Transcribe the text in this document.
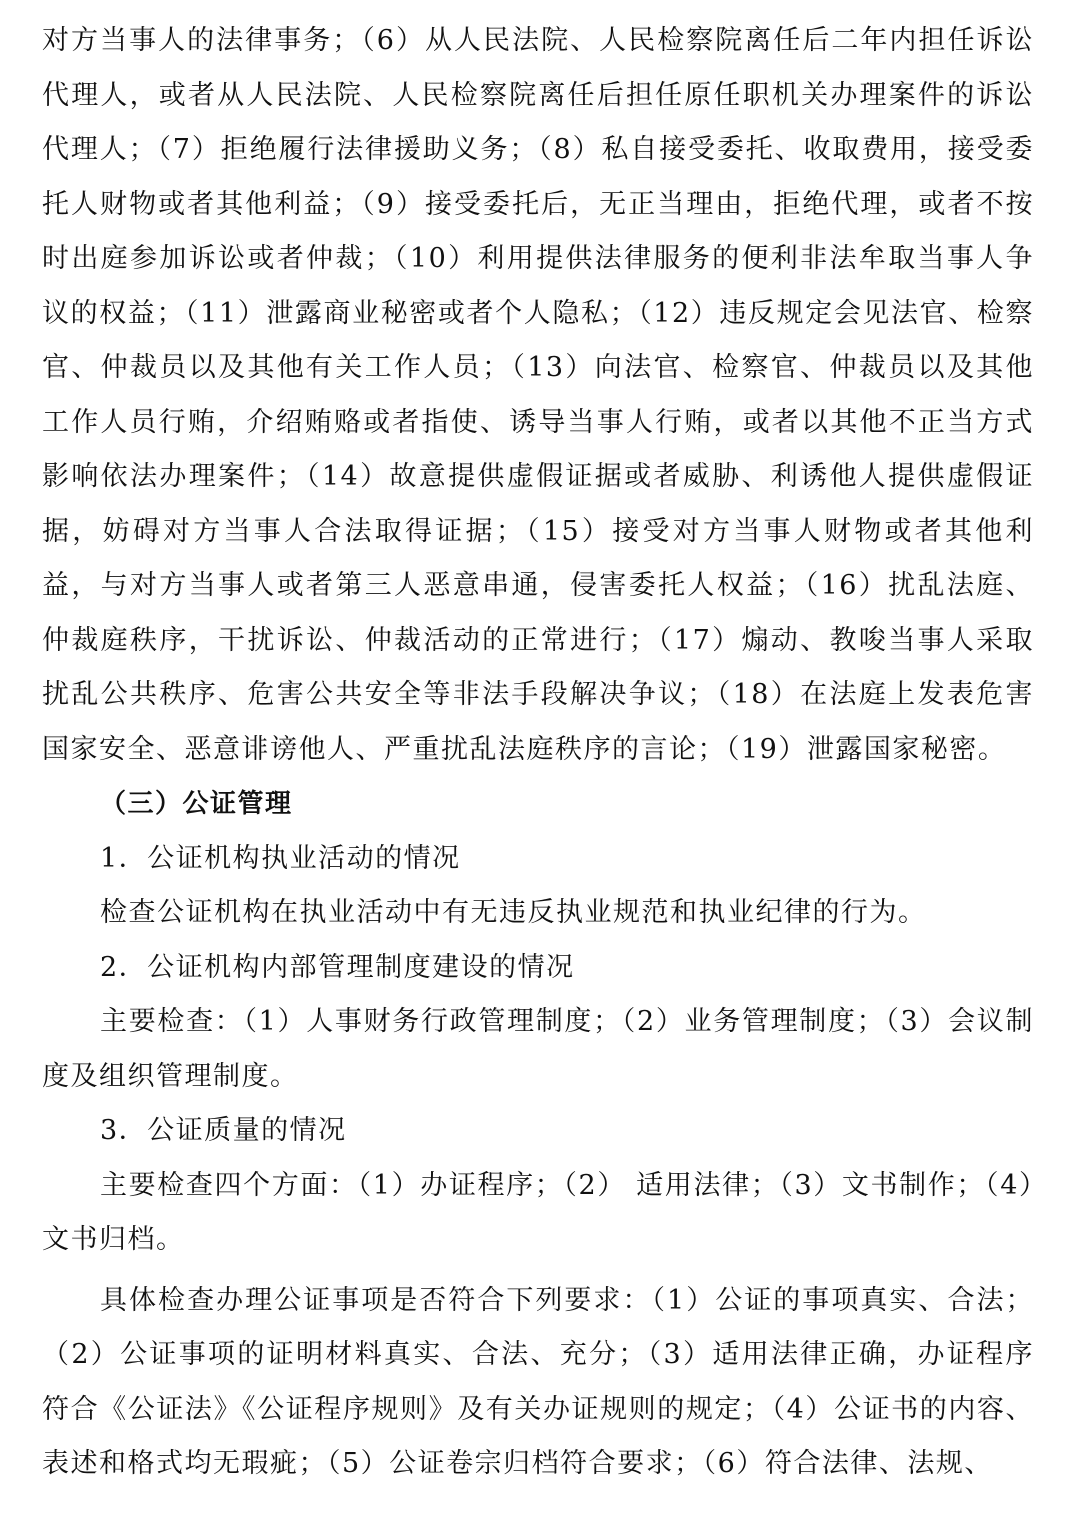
对方当事人的法律事务；（6）从人民法院、人民检察院离任后二年内担任诉讼代理人，或者从人民法院、人民检察院离任后担任原任职机关办理案件的诉讼代理人；（7）拒绝履行法律援助义务；（8）私自接受委托、收取费用，接受委托人财物或者其他利益；（9）接受委托后，无正当理由，拒绝代理，或者不按时出庭参加诉讼或者仲裁；（10）利用提供法律服务的便利非法牟取当事人争议的权益；（11）泄露商业秘密或者个人隐私；（12）违反规定会见法官、检察官、仲裁员以及其他有关工作人员；（13）向法官、检察官、仲裁员以及其他工作人员行贿，介绍贿赂或者指使、诱导当事人行贿，或者以其他不正当方式影响依法办理案件；（14）故意提供虚假证据或者威胁、利诱他人提供虚假证据，妨碍对方当事人合法取得证据；（15）接受对方当事人财物或者其他利益，与对方当事人或者第三人恶意串通，侵害委托人权益；（16）扰乱法庭、仲裁庭秩序，干扰诉讼、仲裁活动的正常进行；（17）煽动、教唆当事人采取扰乱公共秩序、危害公共安全等非法手段解决争议；（18）在法庭上发表危害国家安全、恶意诽谤他人、严重扰乱法庭秩序的言论；（19）泄露国家秘密。

（三）公证管理

1．公证机构执业活动的情况

检查公证机构在执业活动中有无违反执业规范和执业纪律的行为。

2．公证机构内部管理制度建设的情况

主要检查：（1）人事财务行政管理制度；（2）业务管理制度；（3）会议制度及组织管理制度。

3．公证质量的情况

主要检查四个方面：（1）办证程序；（2） 适用法律；（3）文书制作；（4）文书归档。

具体检查办理公证事项是否符合下列要求：（1）公证的事项真实、合法；（2）公证事项的证明材料真实、合法、充分；（3）适用法律正确，办证程序符合《公证法》《公证程序规则》及有关办证规则的规定；（4）公证书的内容、表述和格式均无瑕疵；（5）公证卷宗归档符合要求；（6）符合法律、法规、
